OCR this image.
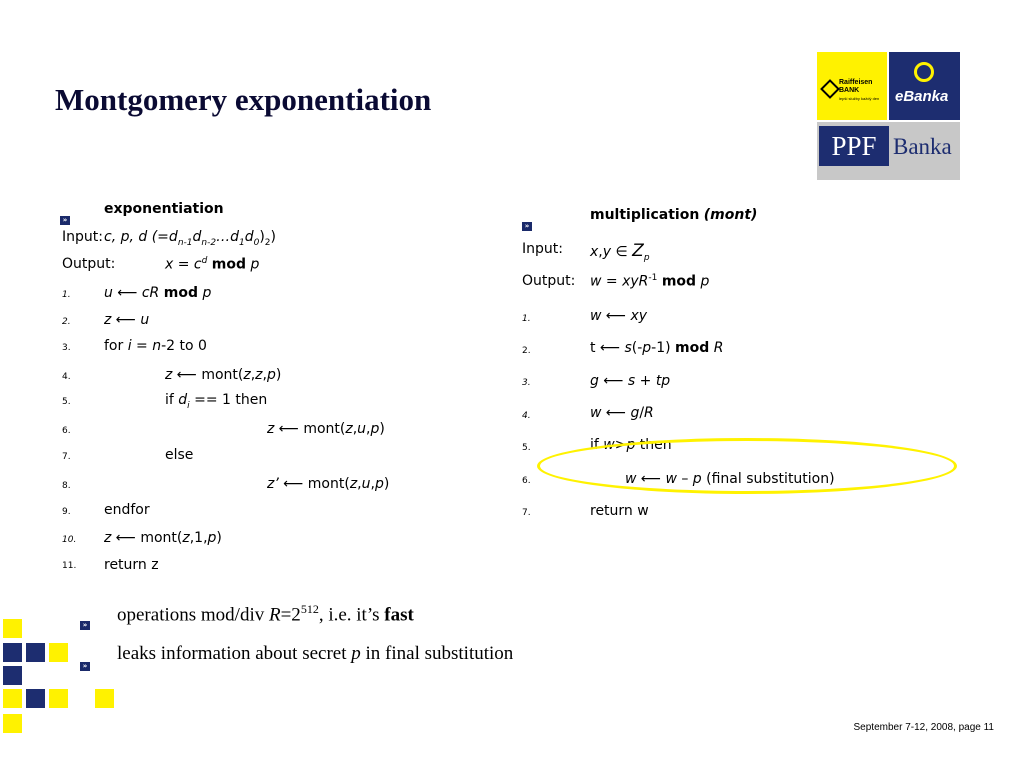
Montgomery exponentiation	Raiffeisen
BANK
lepší služby každý den eBanka
PPF Banka
»
exponentiation
Input: c, p, d $(=d_{n-1}d_{n-2}\dots d_1d_0)_2$)
Output:	$x = c^d$ mod p
1.
2.
3.
4.
5.
6.
7.
8.
9.
10.
11.
u ⟵ cR mod p
z ⟵ u
for i = n-2 to 0
z ⟵ mont(z,z,p)
if $d_i == 1$ then
z ⟵ mont(z,u,p)
else
z’ ⟵ mont(z,u,p)
endfor
z ⟵ mont(z,1,p)
return z
»
multiplication (mont)
Input: x,y ∈ $Z_p$
Output: w = xyR$^{-1}$ mod p
1.
2.
3.
4.
5.
6.
7.
w ⟵ xy
t ⟵ s(-p-1) mod R
g ⟵ s + tp
w ⟵ g/R
if w>p then
w ⟵ w – p (final substitution)
return w
» operations mod/div $R=2^{512}$, i.e. it’s fast
»
leaks information about secret p in final substitution
September 7-12, 2008, page 11
